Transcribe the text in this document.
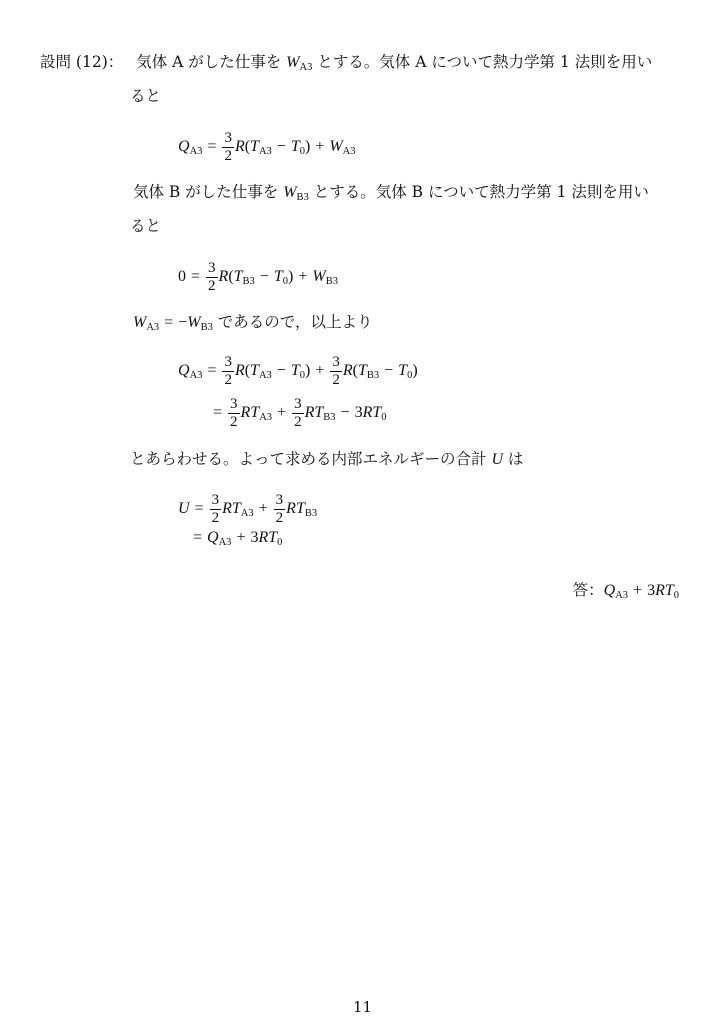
設問 (12)： 気体 A がした仕事を $W_{A3}$ とする。気体 A について熱力学第 1 法則を用い
ると
$Q_{A3} = \frac{3}{2} R(T_{A3} - T_0) + W_{A3}$
気体 B がした仕事を $W_{B3}$ とする。気体 B について熱力学第 1 法則を用い
ると
$0 = \frac{3}{2} R(T_{B3} - T_0) + W_{B3}$
$W_{A3} = -W_{B3}$ であるので，以上より
$Q_{A3} = \frac{3}{2} R(T_{A3} - T_0) + \frac{3}{2} R(T_{B3} - T_0)$
= $\frac{3}{2} RT_{A3} + \frac{3}{2} RT_{B3} - 3RT_0$
とあらわせる。よって求める内部エネルギーの合計 U は
$U = \frac{3}{2} RT_{A3} + \frac{3}{2} RT_{B3}$
= $Q_{A3} + 3RT_0$
答：$Q_{A3} + 3RT_0$
11
